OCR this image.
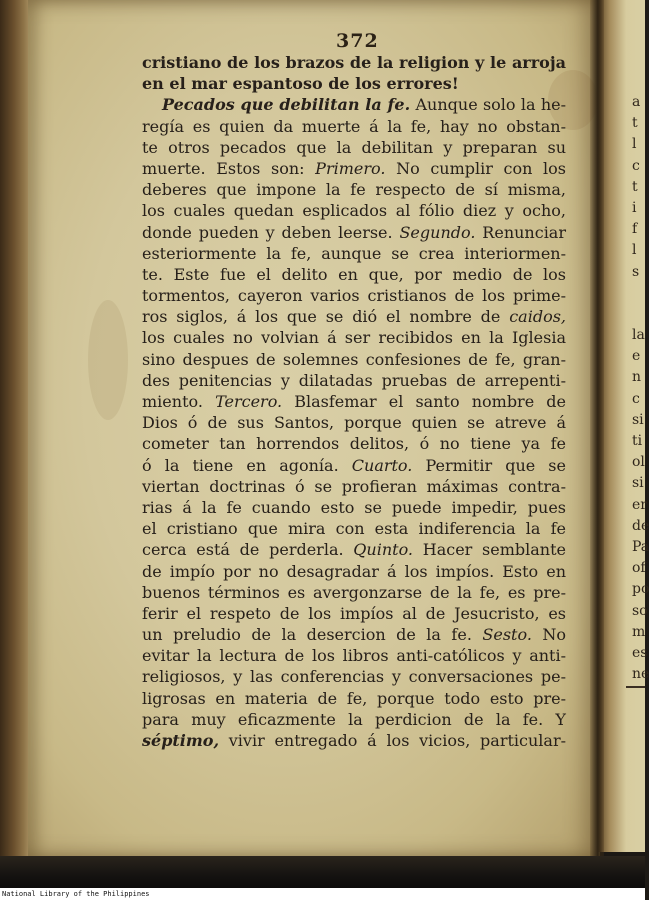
372
cristiano de los brazos de la religion y le arroja
en el mar espantoso de los errores!
Pecados que debilitan la fe. Aunque solo la he-
regía es quien da muerte á la fe, hay no obstan-
te otros pecados que la debilitan y preparan su
muerte. Estos son: Primero. No cumplir con los
deberes que impone la fe respecto de sí misma,
los cuales quedan esplicados al fólio diez y ocho,
donde pueden y deben leerse. Segundo. Renunciar
esteriormente la fe, aunque se crea interiormen-
te. Este fue el delito en que, por medio de los
tormentos, cayeron varios cristianos de los prime-
ros siglos, á los que se dió el nombre de caidos,
los cuales no volvian á ser recibidos en la Iglesia
sino despues de solemnes confesiones de fe, gran-
des penitencias y dilatadas pruebas de arrepenti-
miento. Tercero. Blasfemar el santo nombre de
Dios ó de sus Santos, porque quien se atreve á
cometer tan horrendos delitos, ó no tiene ya fe
ó la tiene en agonía. Cuarto. Permitir que se
viertan doctrinas ó se profieran máximas contra-
rias á la fe cuando esto se puede impedir, pues
el cristiano que mira con esta indiferencia la fe
cerca está de perderla. Quinto. Hacer semblante
de impío por no desagradar á los impíos. Esto en
buenos términos es avergonzarse de la fe, es pre-
ferir el respeto de los impíos al de Jesucristo, es
un preludio de la desercion de la fe. Sesto. No
evitar la lectura de los libros anti-católicos y anti-
religiosos, y las conferencias y conversaciones pe-
ligrosas en materia de fe, porque todo esto pre-
para muy eficazmente la perdicion de la fe. Y
séptimo, vivir entregado á los vicios, particular-
a
t
l
c
t
i
f
l
s
la
e
n
c
si
ti
ol
si
er
de
Pa
of
po
so
m
es
ne
National Library of the Philippines
